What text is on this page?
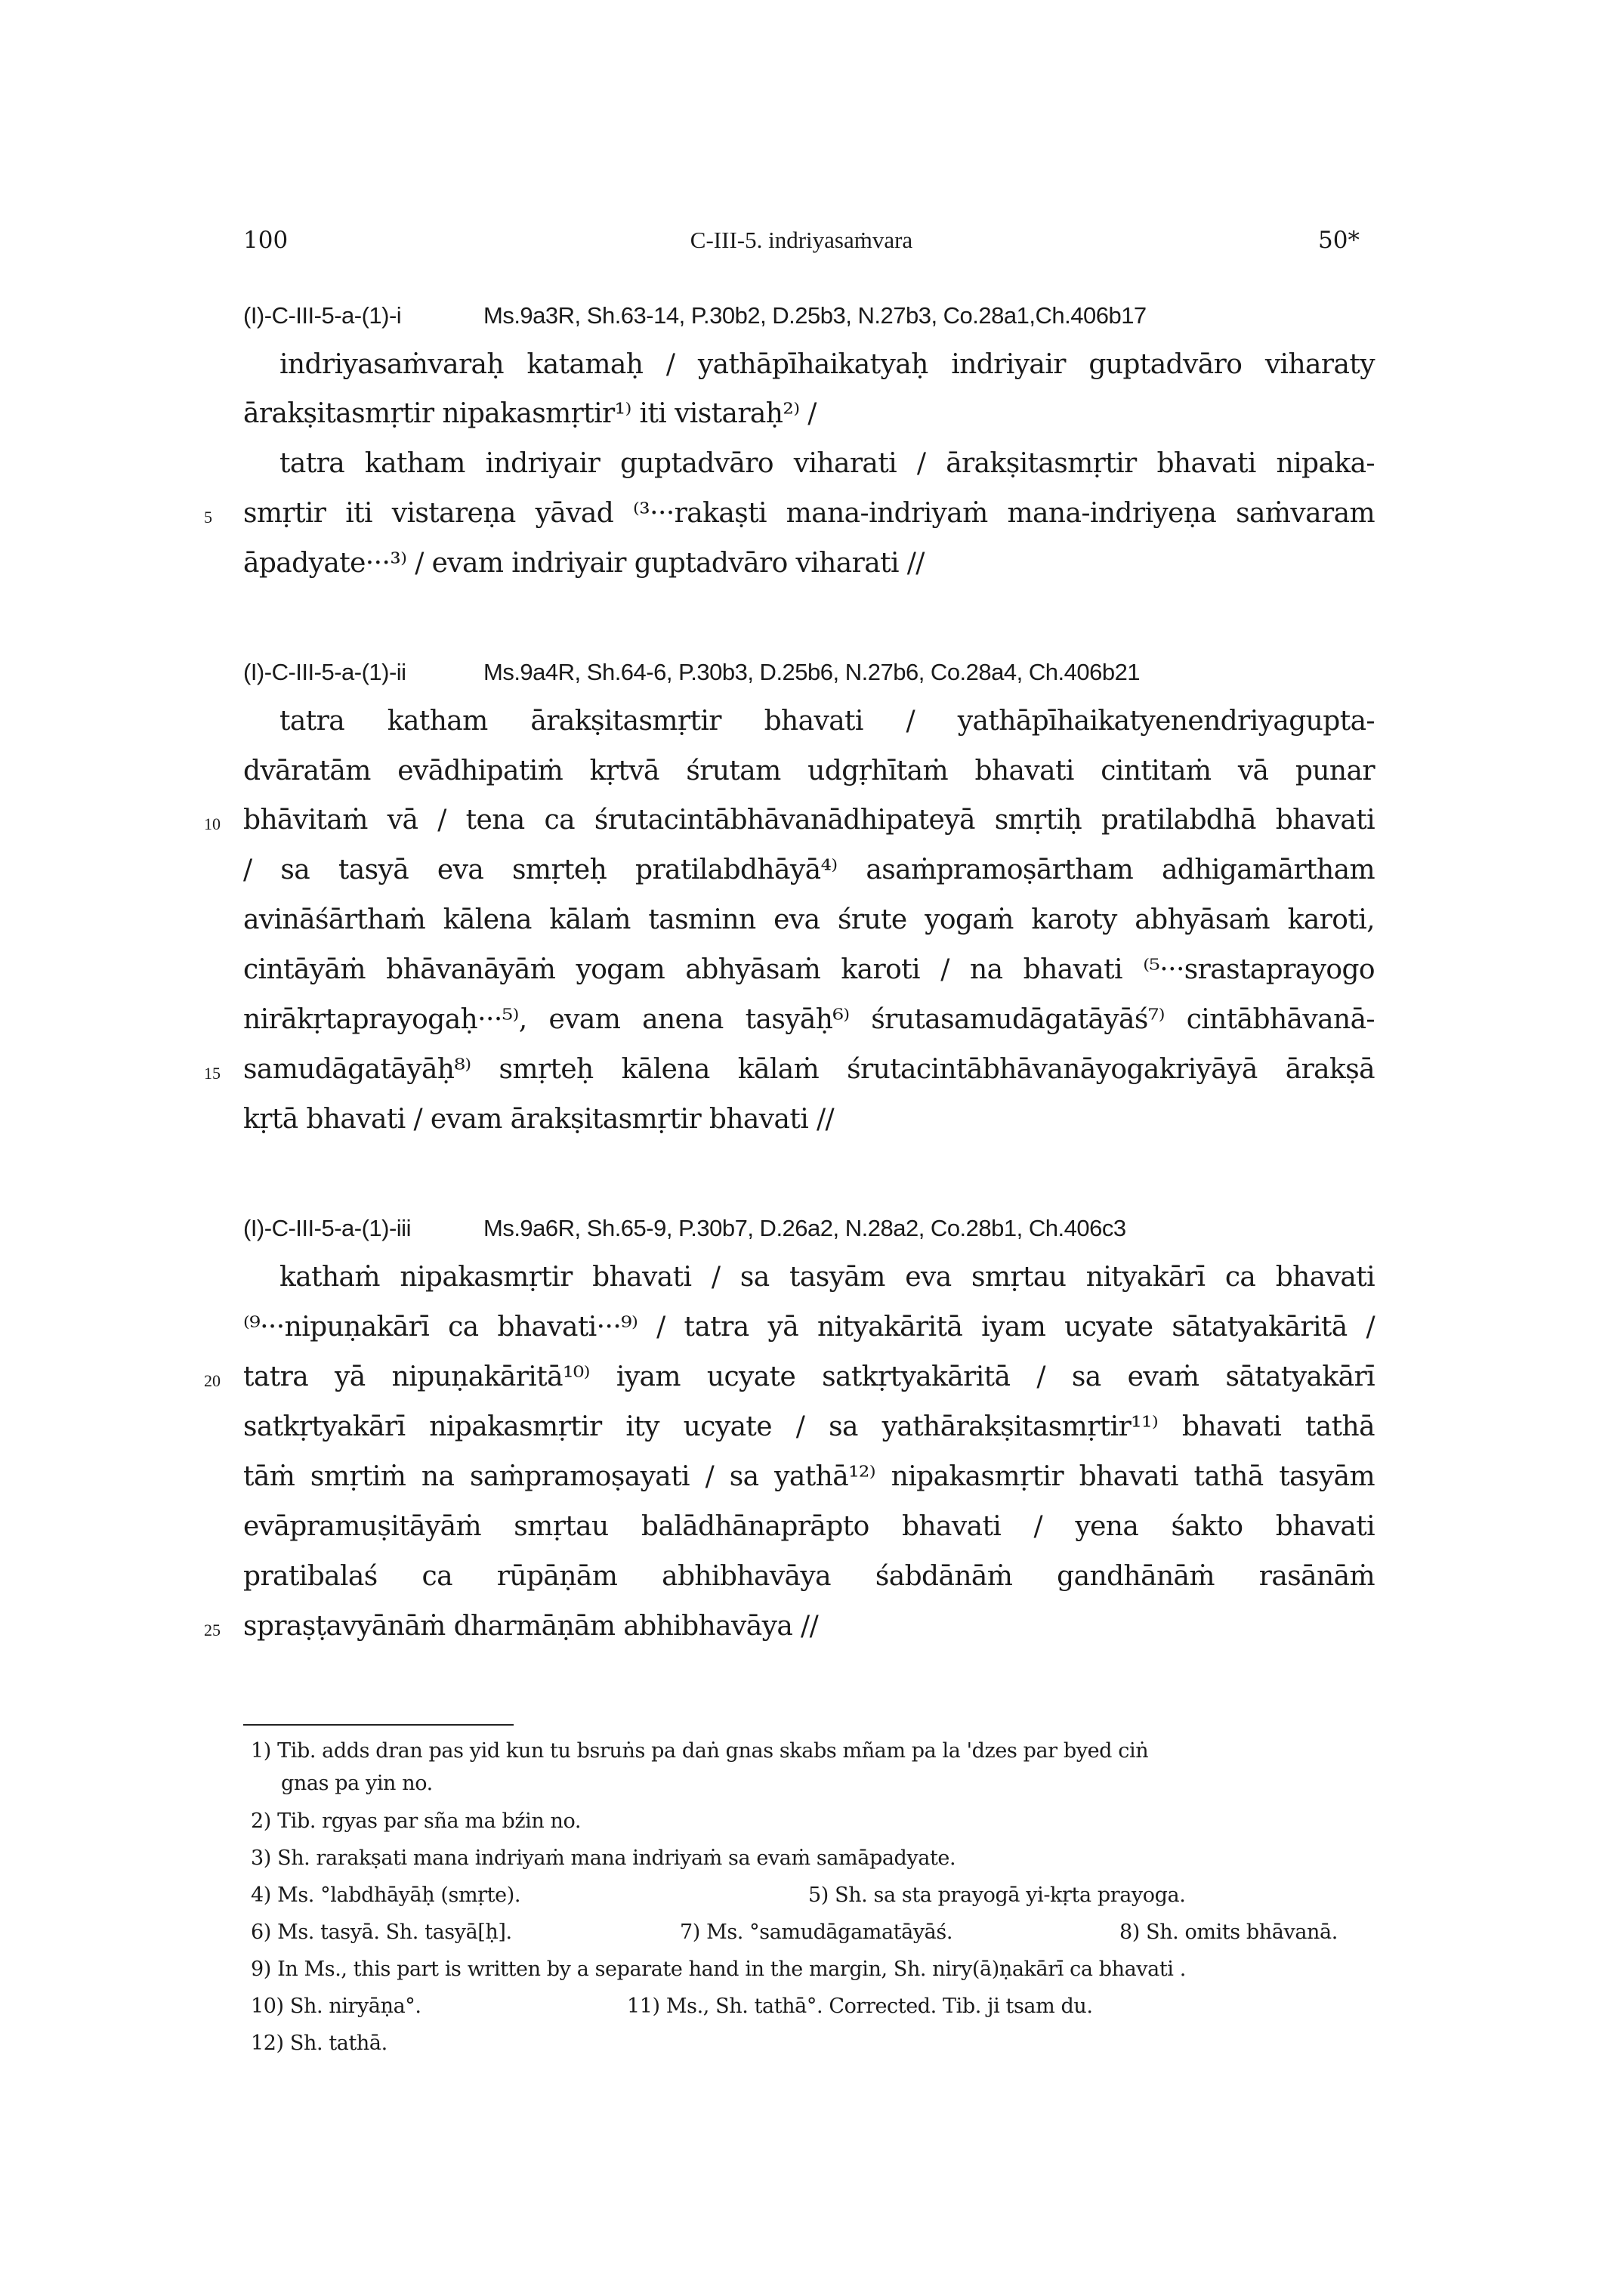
100	C-III-5. indriyasaṁvara	50*
(I)-C-III-5-a-(1)-i	Ms.9a3R, Sh.63-14, P.30b2, D.25b3, N.27b3, Co.28a1,Ch.406b17
indriyasaṁvaraḥ katamaḥ / yathāpīhaikatyaḥ indriyair guptadvāro viharaty
ārakṣitasmṛtir nipakasmṛtir¹⁾ iti vistaraḥ²⁾ /
tatra katham indriyair guptadvāro viharati / ārakṣitasmṛtir bhavati nipaka-
5 smṛtir iti vistareṇa yāvad ⁽³···rakaṣti mana-indriyaṁ mana-indriyeṇa saṁvaram
āpadyate···³⁾ / evam indriyair guptadvāro viharati //
(I)-C-III-5-a-(1)-ii	Ms.9a4R, Sh.64-6, P.30b3, D.25b6, N.27b6, Co.28a4, Ch.406b21
tatra katham ārakṣitasmṛtir bhavati / yathāpīhaikatyenendriyagupta-
dvāratām evādhipatiṁ kṛtvā śrutam udgṛhītaṁ bhavati cintitaṁ vā punar
10 bhāvitaṁ vā / tena ca śrutacintābhāvanādhipateyā smṛtiḥ pratilabdhā bhavati
/ sa tasyā eva smṛteḥ pratilabdhāyā⁴⁾ asaṁpramoṣārtham adhigamārtham
avināśārthaṁ kālena kālaṁ tasminn eva śrute yogaṁ karoty abhyāsaṁ karoti,
cintāyāṁ bhāvanāyāṁ yogam abhyāsaṁ karoti / na bhavati ⁽⁵···srastaprayogo
nirākṛtaprayogaḥ···⁵⁾, evam anena tasyāḥ⁶⁾ śrutasamudāgatāyāś⁷⁾ cintābhāvanā-
15 samudāgatāyāḥ⁸⁾ smṛteḥ kālena kālaṁ śrutacintābhāvanāyogakriyāyā ārakṣā
kṛtā bhavati / evam ārakṣitasmṛtir bhavati //
(I)-C-III-5-a-(1)-iii	Ms.9a6R, Sh.65-9, P.30b7, D.26a2, N.28a2, Co.28b1, Ch.406c3
kathaṁ nipakasmṛtir bhavati / sa tasyām eva smṛtau nityakārī ca bhavati
⁽⁹···nipuṇakārī ca bhavati···⁹⁾ / tatra yā nityakāritā iyam ucyate sātatyakāritā /
20 tatra yā nipuṇakāritā¹⁰⁾ iyam ucyate satkṛtyakāritā / sa evaṁ sātatyakārī
satkṛtyakārī nipakasmṛtir ity ucyate / sa yathārakṣitasmṛtir¹¹⁾ bhavati tathā
tāṁ smṛtiṁ na saṁpramoṣayati / sa yathā¹²⁾ nipakasmṛtir bhavati tathā tasyām
evāpramuṣitāyāṁ smṛtau balādhānaprāpto bhavati / yena śakto bhavati
pratibalaś ca rūpāṇām abhibhavāya śabdānāṁ gandhānāṁ rasānāṁ
25 spraṣṭavyānāṁ dharmāṇām abhibhavāya //
1) Tib. adds dran pas yid kun tu bsruṅs pa daṅ gnas skabs mñam pa la 'dzes par byed ciṅ
gnas pa yin no.
2) Tib. rgyas par sña ma bźin no.
3) Sh. rarakṣati mana indriyaṁ mana indriyaṁ sa evaṁ samāpadyate.
4) Ms. °labdhāyāḥ (smṛte).	5) Sh. sa sta prayogā yi-kṛta prayoga.
6) Ms. tasyā. Sh. tasyā[ḥ].	7) Ms. °samudāgamatāyāś.	8) Sh. omits bhāvanā.
9) In Ms., this part is written by a separate hand in the margin, Sh. niry(ā)ṇakārī ca bhavati .
10) Sh. niryāṇa°.	11) Ms., Sh. tathā°. Corrected. Tib. ji tsam du.
12) Sh. tathā.
